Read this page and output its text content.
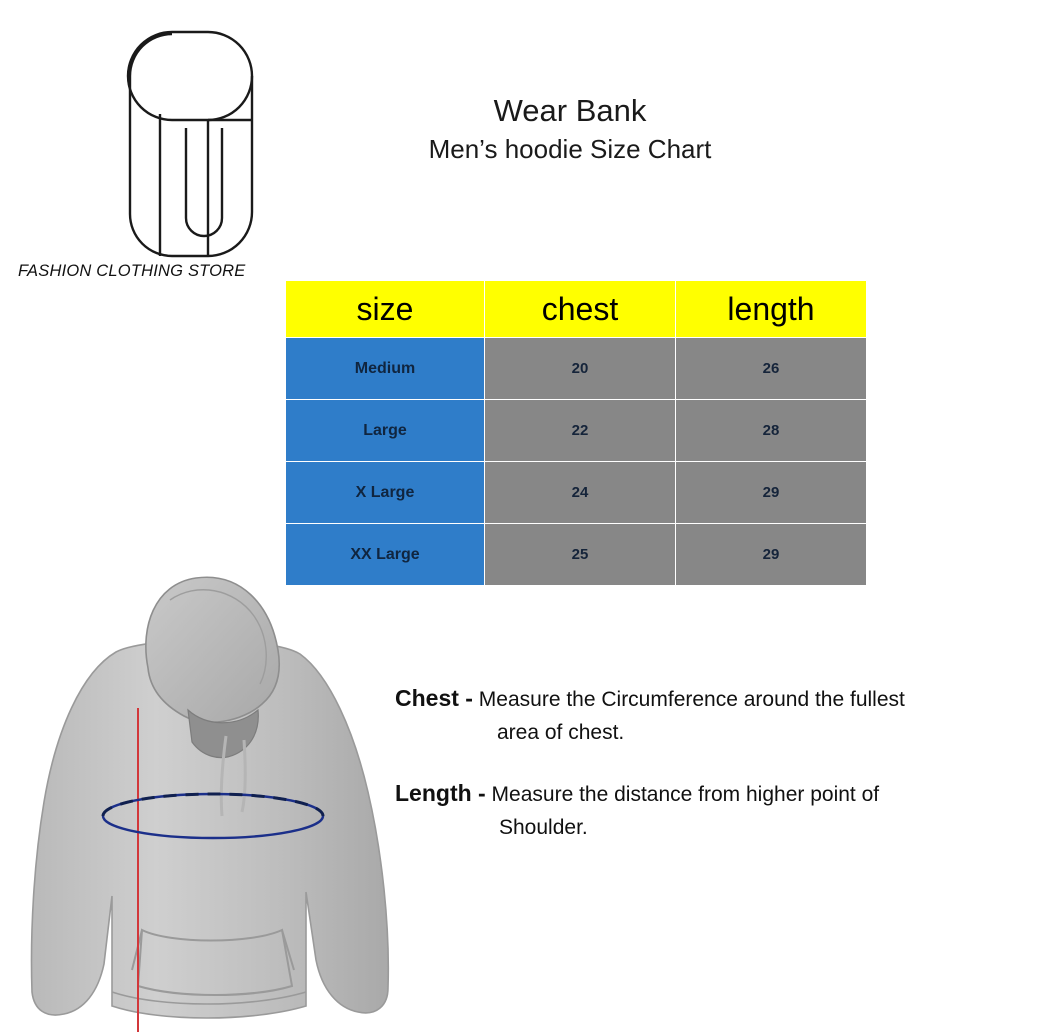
FASHION CLOTHING STORE
Wear Bank
Men’s hoodie Size Chart
size	chest	length
Medium	20	26
Large	22	28
X Large	24	29
XX Large	25	29
Chest - Measure the Circumference around the fullest
area of chest.
Length - Measure the distance from higher point of
Shoulder.
